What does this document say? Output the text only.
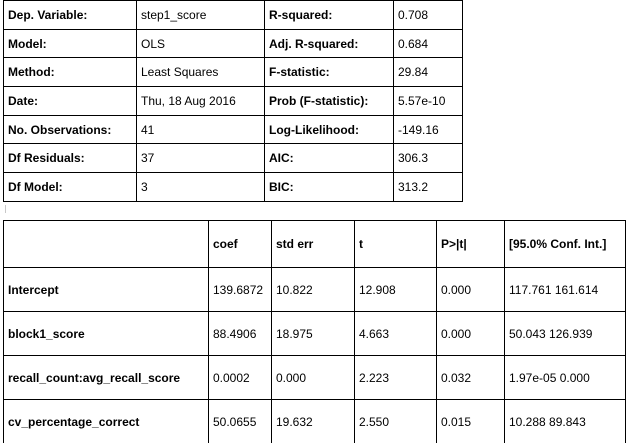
Dep. Variable:	step1_score	R-squared:	0.708
Model:	OLS	Adj. R-squared:	0.684
Method:	Least Squares	F-statistic:	29.84
Date:	Thu, 18 Aug 2016	Prob (F-statistic):	5.57e-10
No. Observations:	41	Log-Likelihood:	-149.16
Df Residuals:	37	AIC:	306.3
Df Model:	3	BIC:	313.2
	coef	std err	t	P>|t|	[95.0% Conf. Int.]
Intercept	139.6872	10.822	12.908	0.000	117.761 161.614
block1_score	88.4906	18.975	4.663	0.000	50.043 126.939
recall_count:avg_recall_score	0.0002	0.000	2.223	0.032	1.97e-05 0.000
cv_percentage_correct	50.0655	19.632	2.550	0.015	10.288 89.843
